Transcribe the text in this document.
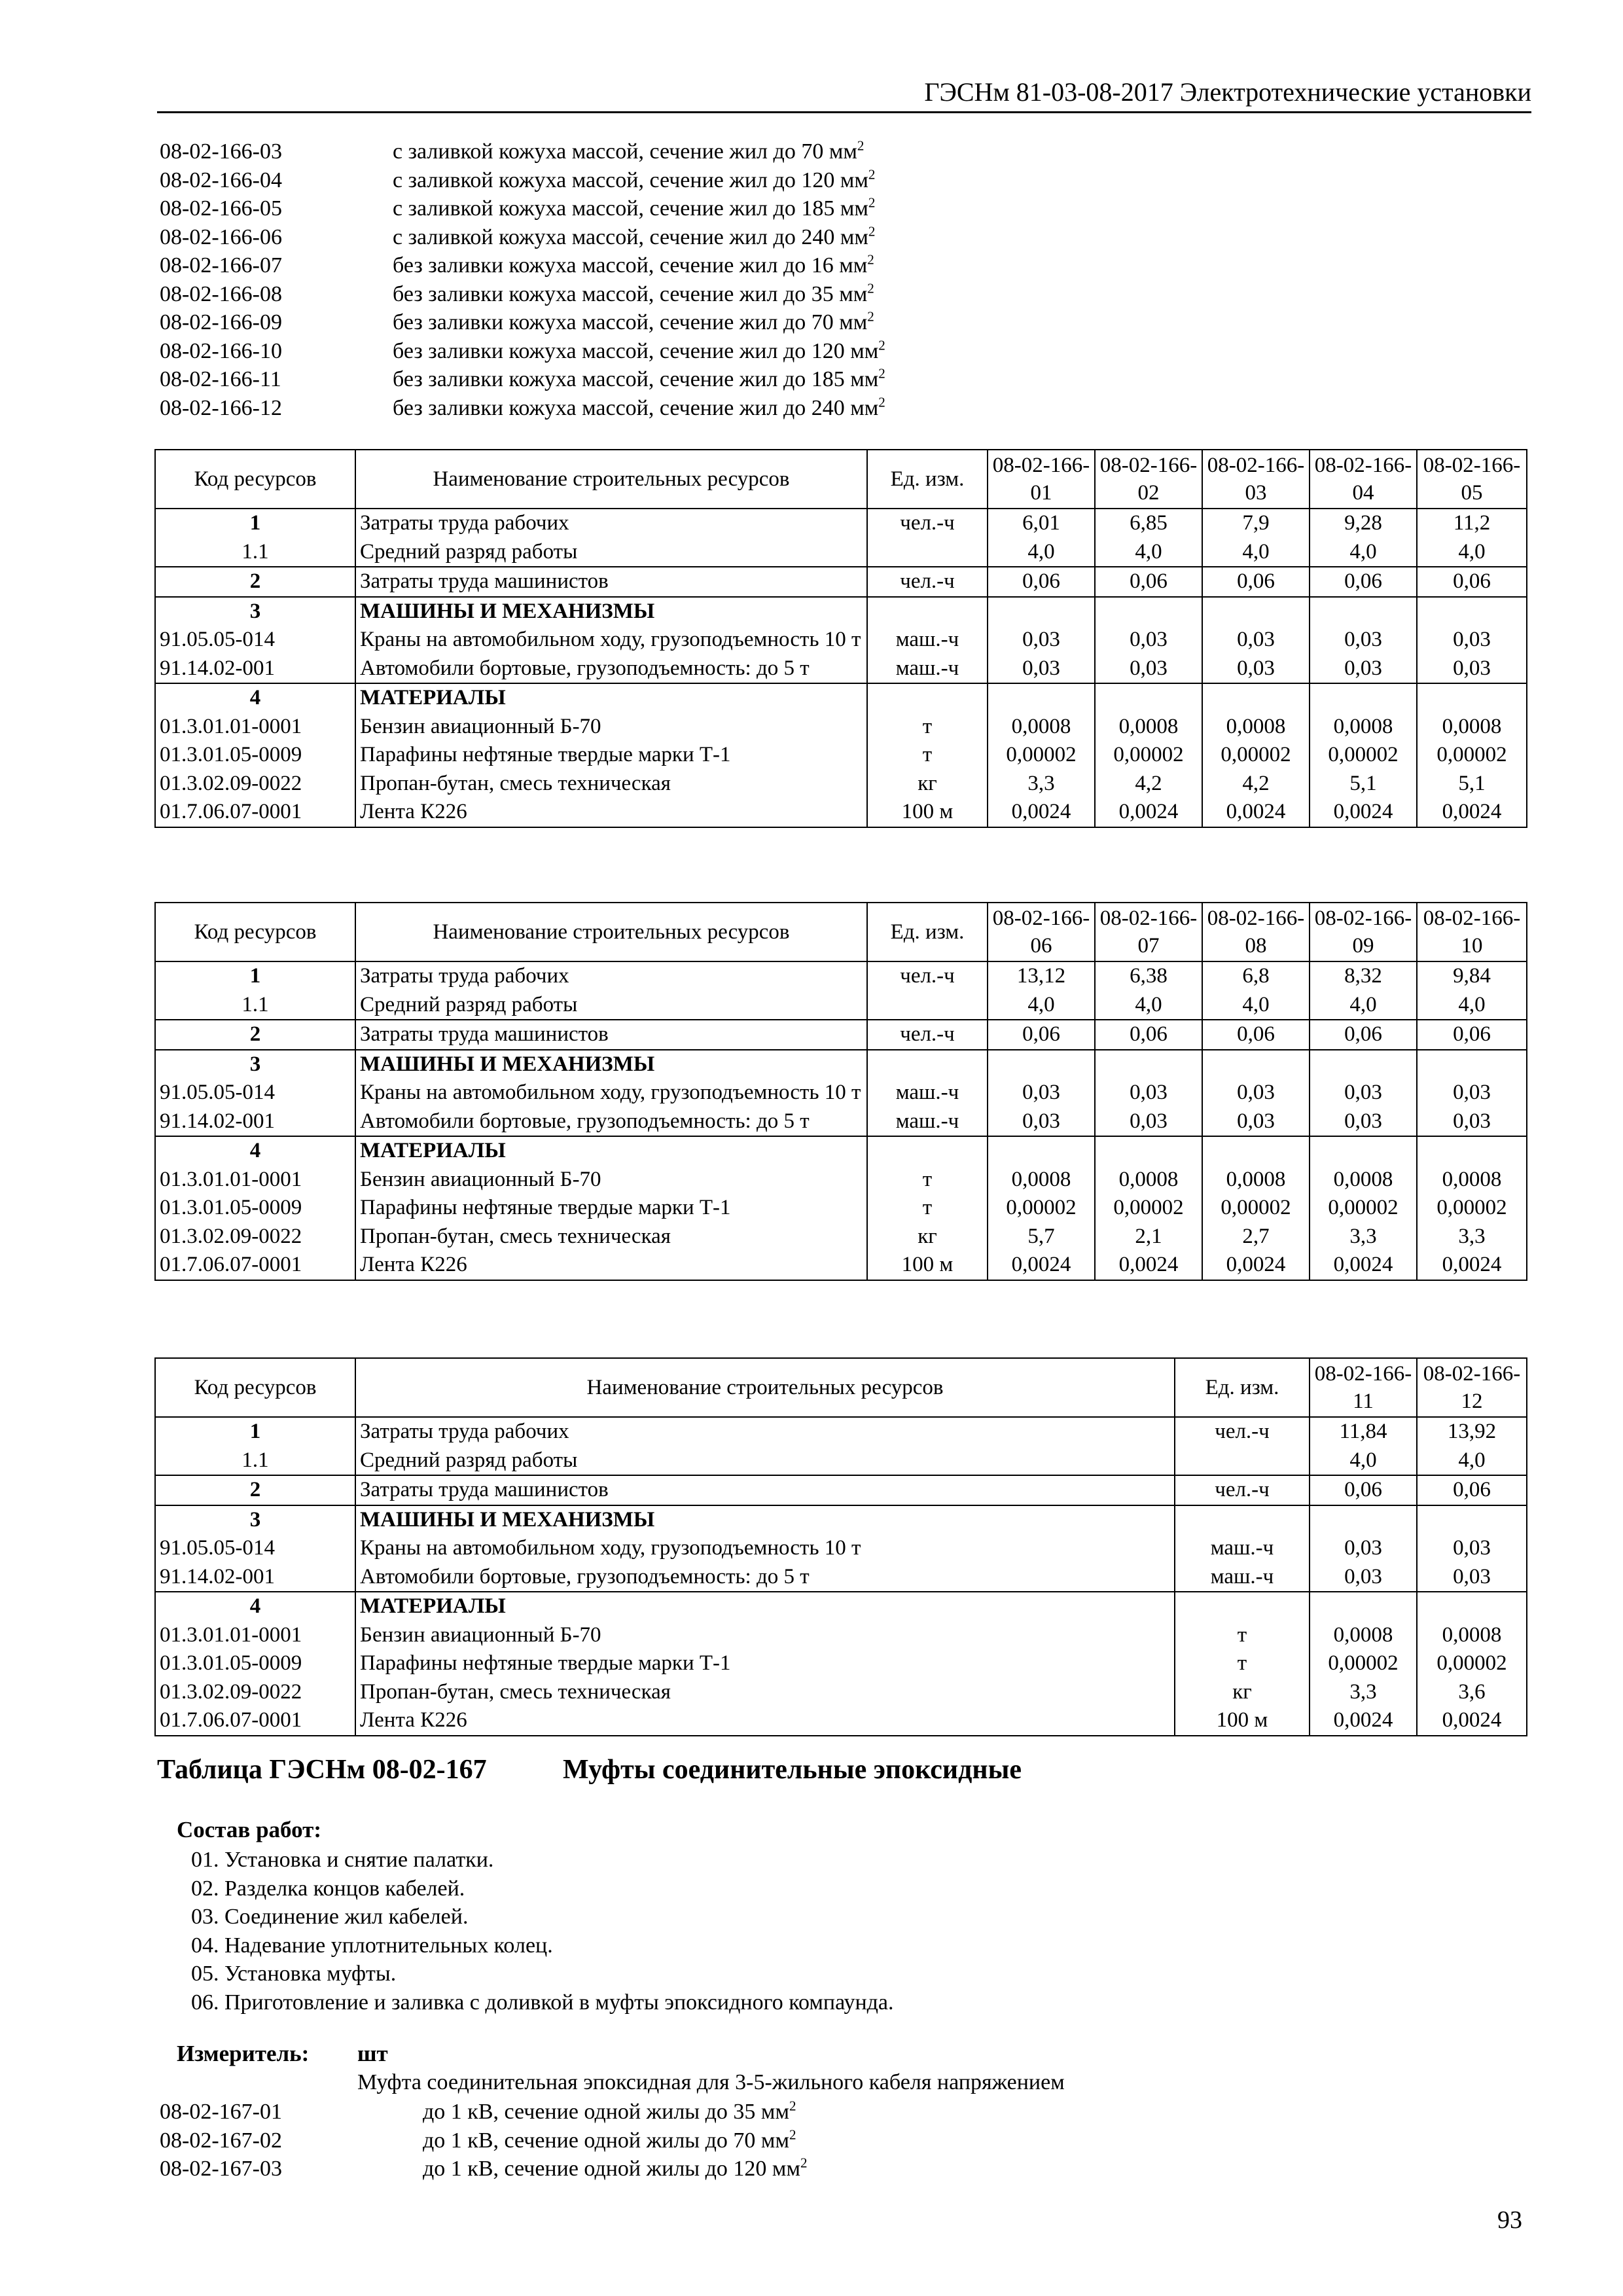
ГЭСНм 81-03-08-2017 Электротехнические установки
08-02-166-03	с заливкой кожуха массой, сечение жил до 70 $мм^2$
08-02-166-04	с заливкой кожуха массой, сечение жил до 120 $мм^2$
08-02-166-05	с заливкой кожуха массой, сечение жил до 185 $мм^2$
08-02-166-06	с заливкой кожуха массой, сечение жил до 240 $мм^2$
08-02-166-07	без заливки кожуха массой, сечение жил до 16 $мм^2$
08-02-166-08	без заливки кожуха массой, сечение жил до 35 $мм^2$
08-02-166-09	без заливки кожуха массой, сечение жил до 70 $мм^2$
08-02-166-10	без заливки кожуха массой, сечение жил до 120 $мм^2$
08-02-166-11	без заливки кожуха массой, сечение жил до 185 $мм^2$
08-02-166-12	без заливки кожуха массой, сечение жил до 240 $мм^2$
Код ресурсов	Наименование строительных ресурсов	Ед. изм.	08-02-166-01	08-02-166-02	08-02-166-03	08-02-166-04	08-02-166-05
1	Затраты труда рабочих	чел.-ч	6,01	6,85	7,9	9,28	11,2
1.1	Средний разряд работы		4,0	4,0	4,0	4,0	4,0
2	Затраты труда машинистов	чел.-ч	0,06	0,06	0,06	0,06	0,06
3	МАШИНЫ И МЕХАНИЗМЫ						
91.05.05-014	Краны на автомобильном ходу, грузоподъемность 10 т	маш.-ч	0,03	0,03	0,03	0,03	0,03
91.14.02-001	Автомобили бортовые, грузоподъемность: до 5 т	маш.-ч	0,03	0,03	0,03	0,03	0,03
4	МАТЕРИАЛЫ						
01.3.01.01-0001	Бензин авиационный Б-70	т	0,0008	0,0008	0,0008	0,0008	0,0008
01.3.01.05-0009	Парафины нефтяные твердые марки Т-1	т	0,00002	0,00002	0,00002	0,00002	0,00002
01.3.02.09-0022	Пропан-бутан, смесь техническая	кг	3,3	4,2	4,2	5,1	5,1
01.7.06.07-0001	Лента К226	100 м	0,0024	0,0024	0,0024	0,0024	0,0024
Код ресурсов	Наименование строительных ресурсов	Ед. изм.	08-02-166-06	08-02-166-07	08-02-166-08	08-02-166-09	08-02-166-10
1	Затраты труда рабочих	чел.-ч	13,12	6,38	6,8	8,32	9,84
1.1	Средний разряд работы		4,0	4,0	4,0	4,0	4,0
2	Затраты труда машинистов	чел.-ч	0,06	0,06	0,06	0,06	0,06
3	МАШИНЫ И МЕХАНИЗМЫ						
91.05.05-014	Краны на автомобильном ходу, грузоподъемность 10 т	маш.-ч	0,03	0,03	0,03	0,03	0,03
91.14.02-001	Автомобили бортовые, грузоподъемность: до 5 т	маш.-ч	0,03	0,03	0,03	0,03	0,03
4	МАТЕРИАЛЫ						
01.3.01.01-0001	Бензин авиационный Б-70	т	0,0008	0,0008	0,0008	0,0008	0,0008
01.3.01.05-0009	Парафины нефтяные твердые марки Т-1	т	0,00002	0,00002	0,00002	0,00002	0,00002
01.3.02.09-0022	Пропан-бутан, смесь техническая	кг	5,7	2,1	2,7	3,3	3,3
01.7.06.07-0001	Лента К226	100 м	0,0024	0,0024	0,0024	0,0024	0,0024
Код ресурсов	Наименование строительных ресурсов	Ед. изм.	08-02-166-11	08-02-166-12
1	Затраты труда рабочих	чел.-ч	11,84	13,92
1.1	Средний разряд работы		4,0	4,0
2	Затраты труда машинистов	чел.-ч	0,06	0,06
3	МАШИНЫ И МЕХАНИЗМЫ			
91.05.05-014	Краны на автомобильном ходу, грузоподъемность 10 т	маш.-ч	0,03	0,03
91.14.02-001	Автомобили бортовые, грузоподъемность: до 5 т	маш.-ч	0,03	0,03
4	МАТЕРИАЛЫ			
01.3.01.01-0001	Бензин авиационный Б-70	т	0,0008	0,0008
01.3.01.05-0009	Парафины нефтяные твердые марки Т-1	т	0,00002	0,00002
01.3.02.09-0022	Пропан-бутан, смесь техническая	кг	3,3	3,6
01.7.06.07-0001	Лента К226	100 м	0,0024	0,0024
Таблица ГЭСНм 08-02-167	Муфты соединительные эпоксидные
Состав работ:
01. Установка и снятие палатки.
02. Разделка концов кабелей.
03. Соединение жил кабелей.
04. Надевание уплотнительных колец.
05. Установка муфты.
06. Приготовление и заливка с доливкой в муфты эпоксидного компаунда.
Измеритель: шт
Муфта соединительная эпоксидная для 3-5-жильного кабеля напряжением
08-02-167-01	до 1 кВ, сечение одной жилы до 35 $мм^2$
08-02-167-02	до 1 кВ, сечение одной жилы до 70 $мм^2$
08-02-167-03	до 1 кВ, сечение одной жилы до 120 $мм^2$
93
